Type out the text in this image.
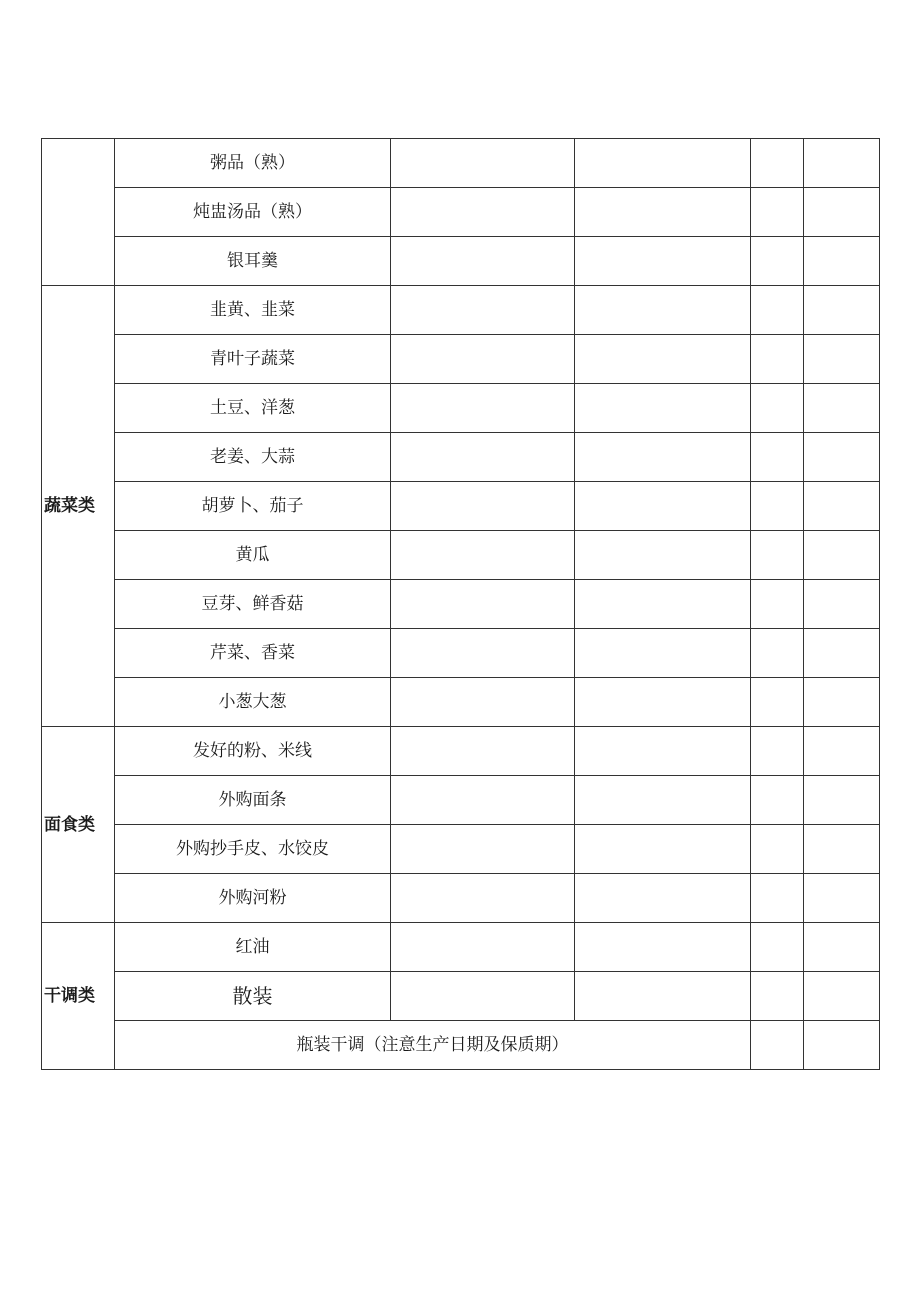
	粥品（熟）				
	炖盅汤品（熟）				
	银耳羹				
蔬菜类	韭黄、韭菜				
	青叶子蔬菜				
	土豆、洋葱				
	老姜、大蒜				
	胡萝卜、茄子				
	黄瓜				
	豆芽、鲜香菇				
	芹菜、香菜				
	小葱大葱				
面食类	发好的粉、米线				
	外购面条				
	外购抄手皮、水饺皮				
	外购河粉				
干调类	红油				
	散装				
	瓶装干调（注意生产日期及保质期）				
